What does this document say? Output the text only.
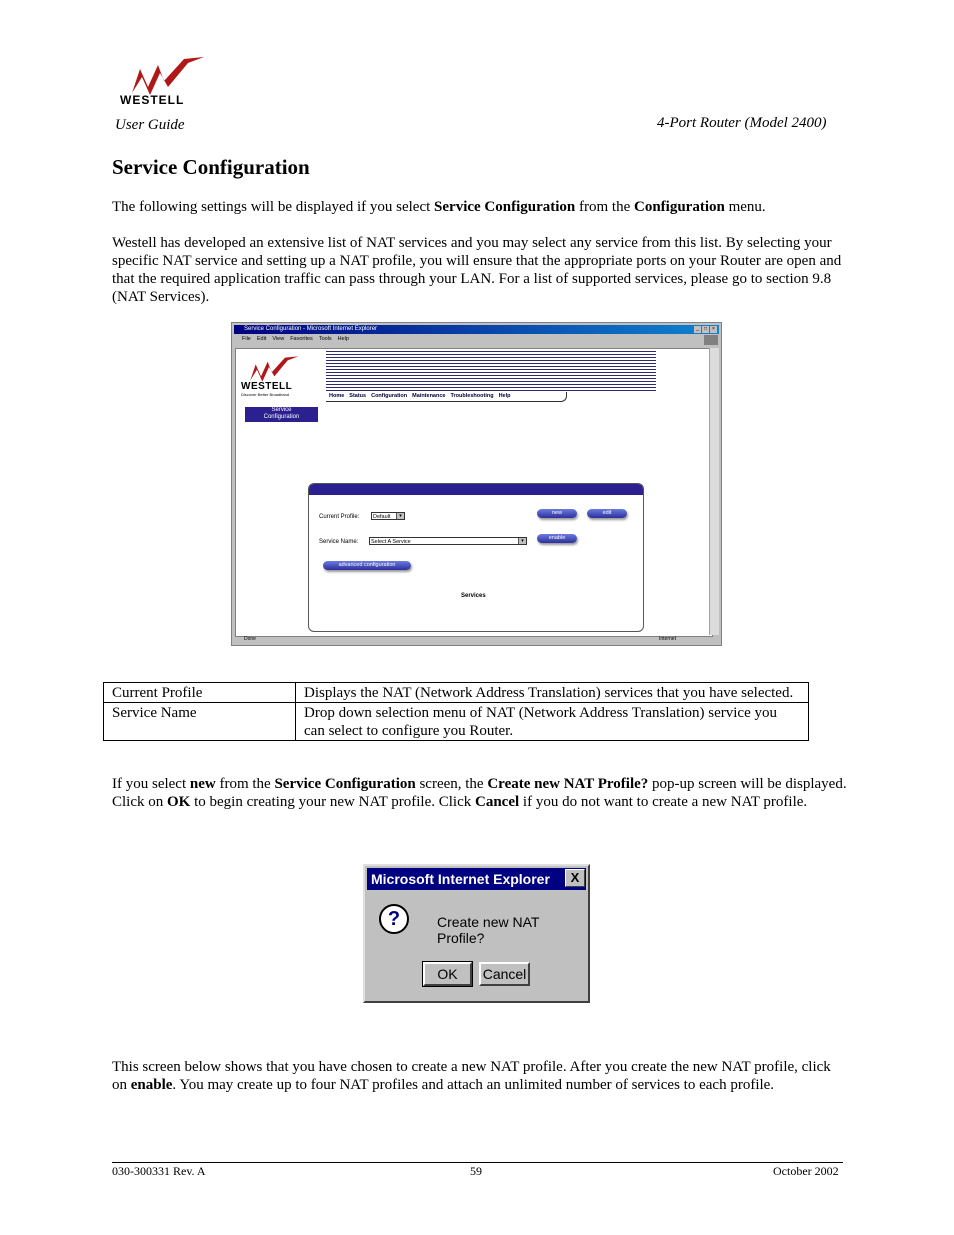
WESTELL
User Guide	4-Port Router (Model 2400)
Service Configuration
The following settings will be displayed if you select Service Configuration from the Configuration menu.
Westell has developed an extensive list of NAT services and you may select any service from this list. By selecting your specific NAT service and setting up a NAT profile, you will ensure that the appropriate ports on your Router are open and that the required application traffic can pass through your LAN. For a list of supported services, please go to section 9.8 (NAT Services).
Service Configuration - Microsoft Internet Explorer	_	□	×
File Edit View Favorites Tools Help
WESTELL
Discover Better Broadband	Home Status Configuration Maintenance Troubleshooting Help
Service
Configuration
Current Profile:	Default	▾
Service Name:	Select A Service	▾
new	edit
enable
advanced configuration
Services
Done	Internet
Current Profile	Displays the NAT (Network Address Translation) services that you have selected.
Service Name	Drop down selection menu of NAT (Network Address Translation) service you can select to configure you Router.
If you select new from the Service Configuration screen, the Create new NAT Profile? pop-up screen will be displayed. Click on OK to begin creating your new NAT profile. Click Cancel if you do not want to create a new NAT profile.
Microsoft Internet Explorer	X
?	Create new NAT Profile?
OK	Cancel
This screen below shows that you have chosen to create a new NAT profile. After you create the new NAT profile, click on enable. You may create up to four NAT profiles and attach an unlimited number of services to each profile.
030-300331 Rev. A	59	October 2002
